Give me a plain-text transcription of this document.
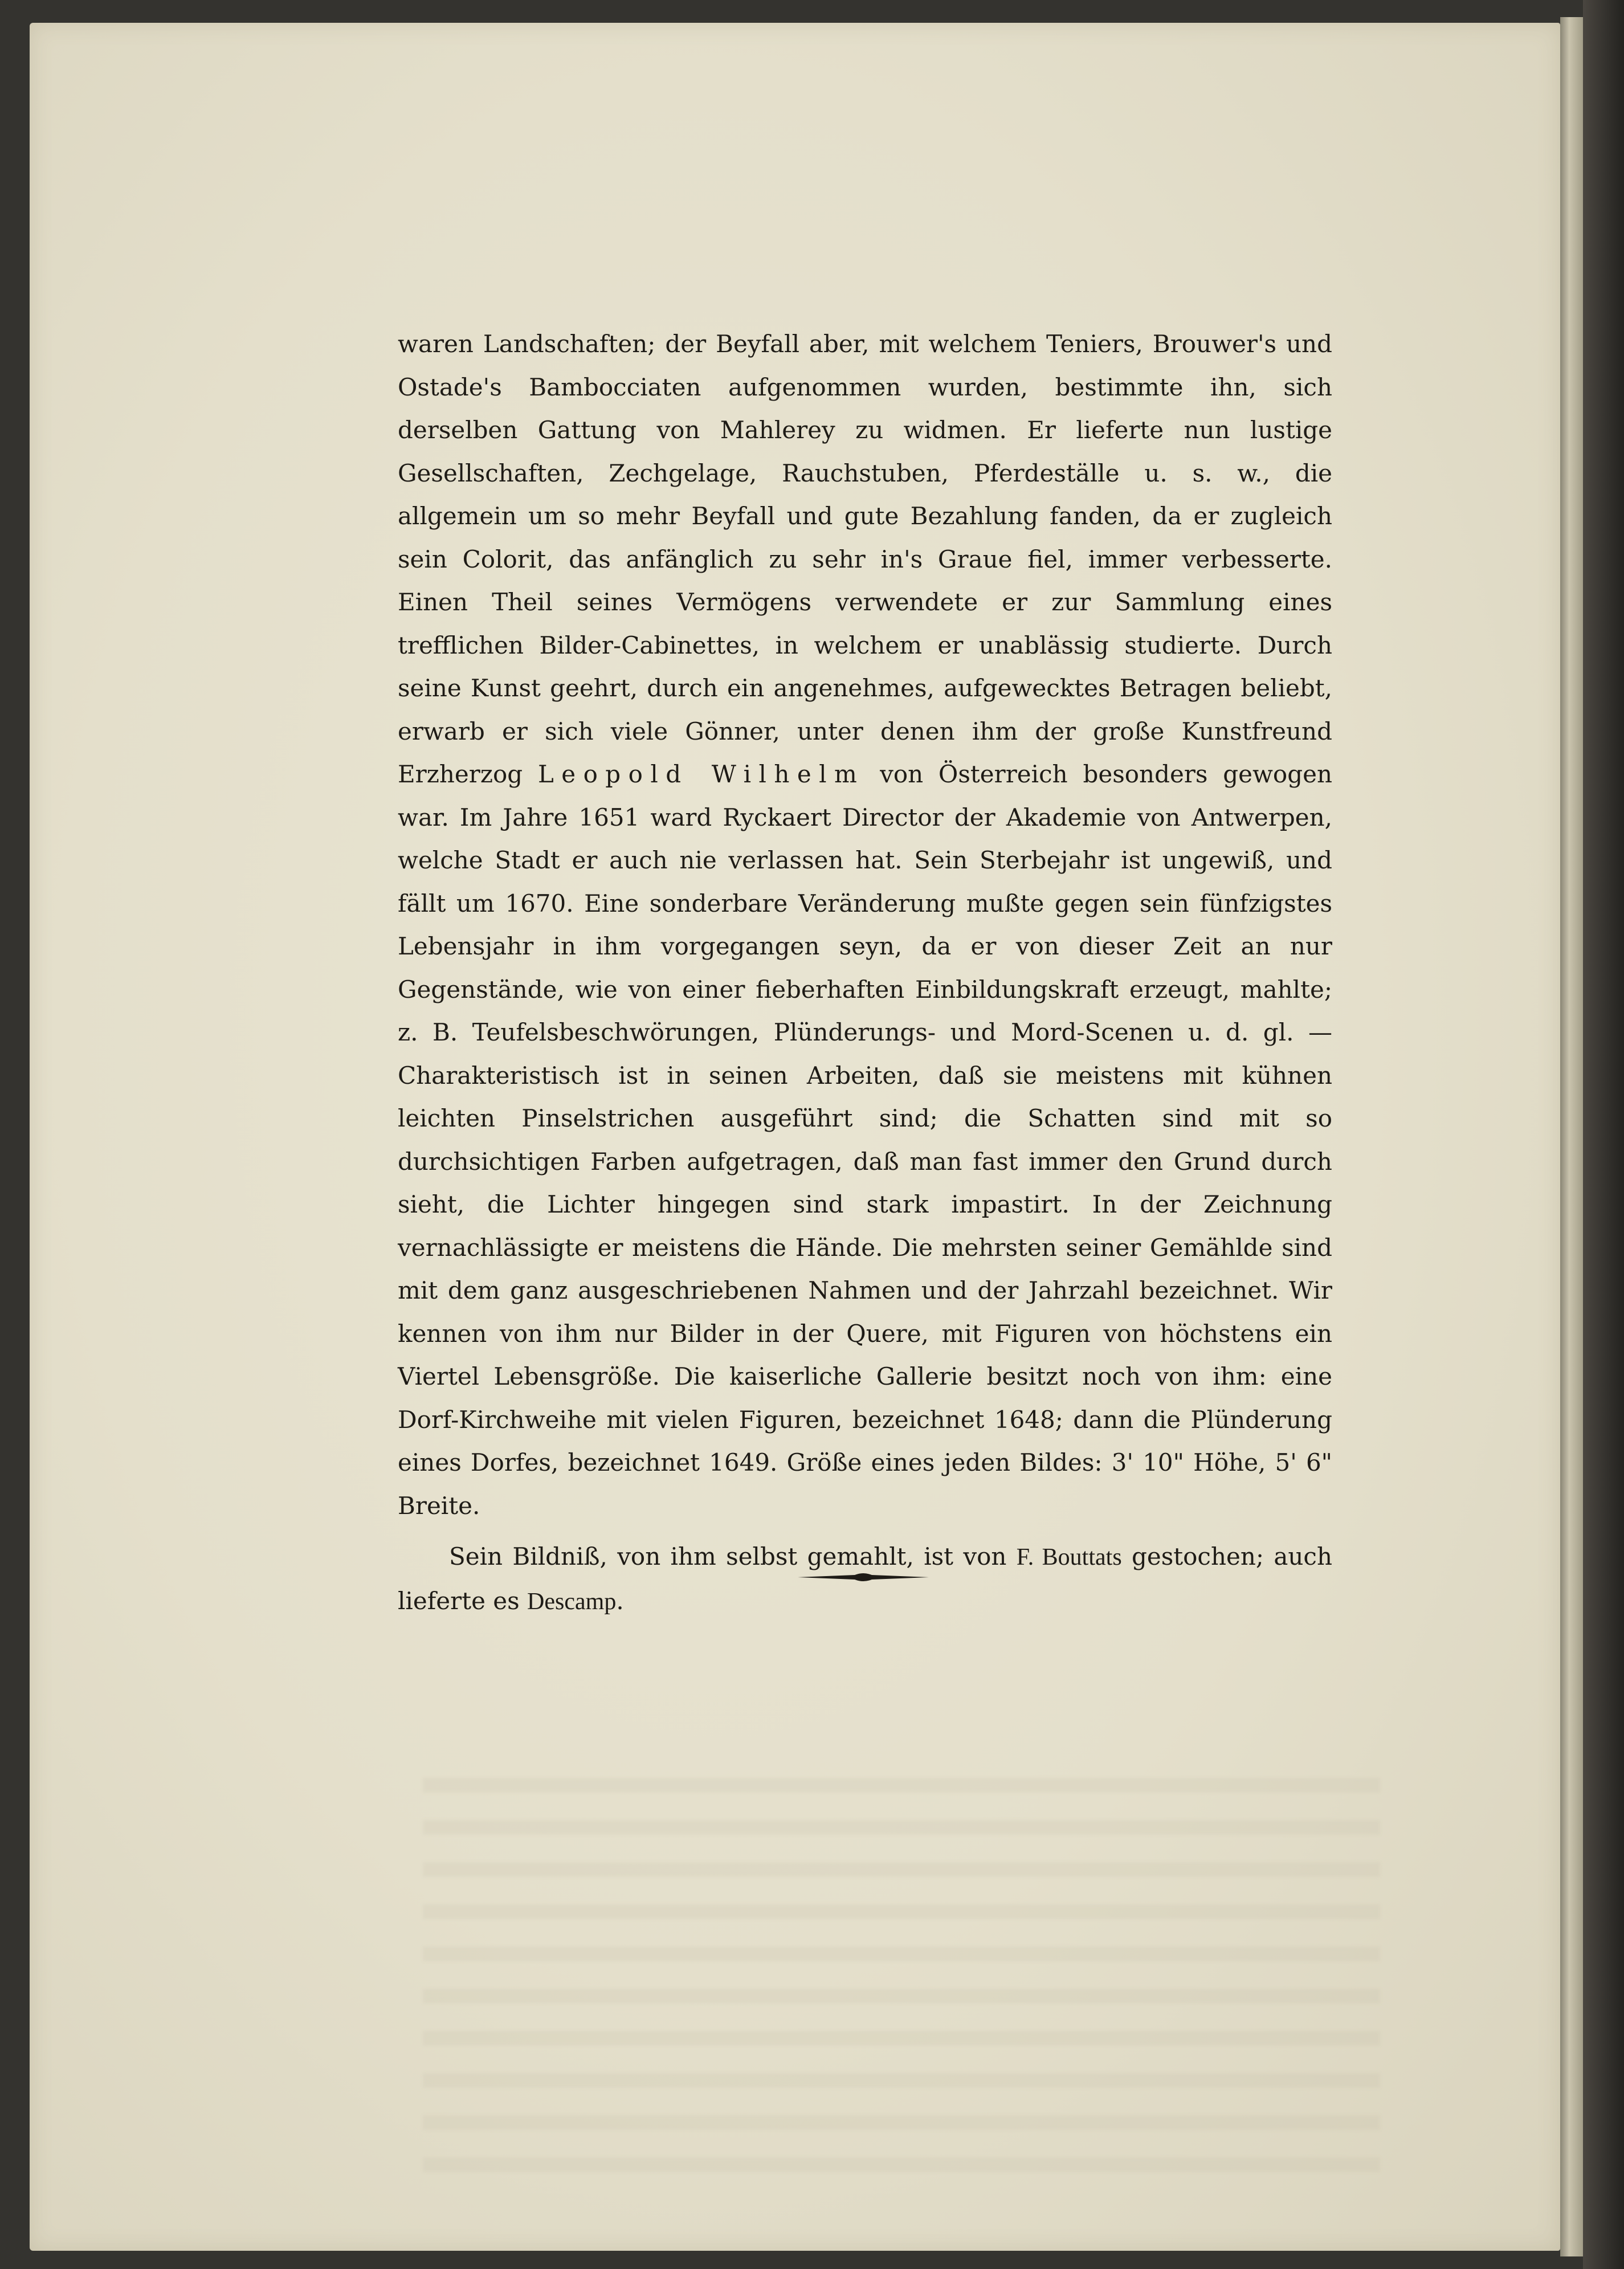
waren Landschaften; der Beyfall aber, mit welchem Teniers, Brouwer's und Ostade's Bambocciaten aufgenommen wurden, bestimmte ihn, sich derselben Gattung von Mahlerey zu widmen. Er lieferte nun lustige Gesellschaften, Zechgelage, Rauchstuben, Pferdeställe u. s. w., die allgemein um so mehr Beyfall und gute Bezahlung fanden, da er zugleich sein Colorit, das anfänglich zu sehr in's Graue fiel, immer verbesserte. Einen Theil seines Vermögens verwendete er zur Sammlung eines trefflichen Bilder-Cabinettes, in welchem er unablässig studierte. Durch seine Kunst geehrt, durch ein angenehmes, aufgewecktes Betragen beliebt, erwarb er sich viele Gönner, unter denen ihm der große Kunstfreund Erzherzog Leopold Wilhelm von Österreich besonders gewogen war. Im Jahre 1651 ward Ryckaert Director der Akademie von Antwerpen, welche Stadt er auch nie verlassen hat. Sein Sterbejahr ist ungewiß, und fällt um 1670. Eine sonderbare Veränderung mußte gegen sein fünfzigstes Lebensjahr in ihm vorgegangen seyn, da er von dieser Zeit an nur Gegenstände, wie von einer fieberhaften Einbildungskraft erzeugt, mahlte; z. B. Teufelsbeschwörungen, Plünderungs- und Mord-Scenen u. d. gl. — Charakteristisch ist in seinen Arbeiten, daß sie meistens mit kühnen leichten Pinselstrichen ausgeführt sind; die Schatten sind mit so durchsichtigen Farben aufgetragen, daß man fast immer den Grund durch sieht, die Lichter hingegen sind stark impastirt. In der Zeichnung vernachlässigte er meistens die Hände. Die mehrsten seiner Gemählde sind mit dem ganz ausgeschriebenen Nahmen und der Jahrzahl bezeichnet. Wir kennen von ihm nur Bilder in der Quere, mit Figuren von höchstens ein Viertel Lebensgröße. Die kaiserliche Gallerie besitzt noch von ihm: eine Dorf-Kirchweihe mit vielen Figuren, bezeichnet 1648; dann die Plünderung eines Dorfes, bezeichnet 1649. Größe eines jeden Bildes: 3' 10" Höhe, 5' 6" Breite.

Sein Bildniß, von ihm selbst gemahlt, ist von F. Bouttats gestochen; auch lieferte es Descamp.
